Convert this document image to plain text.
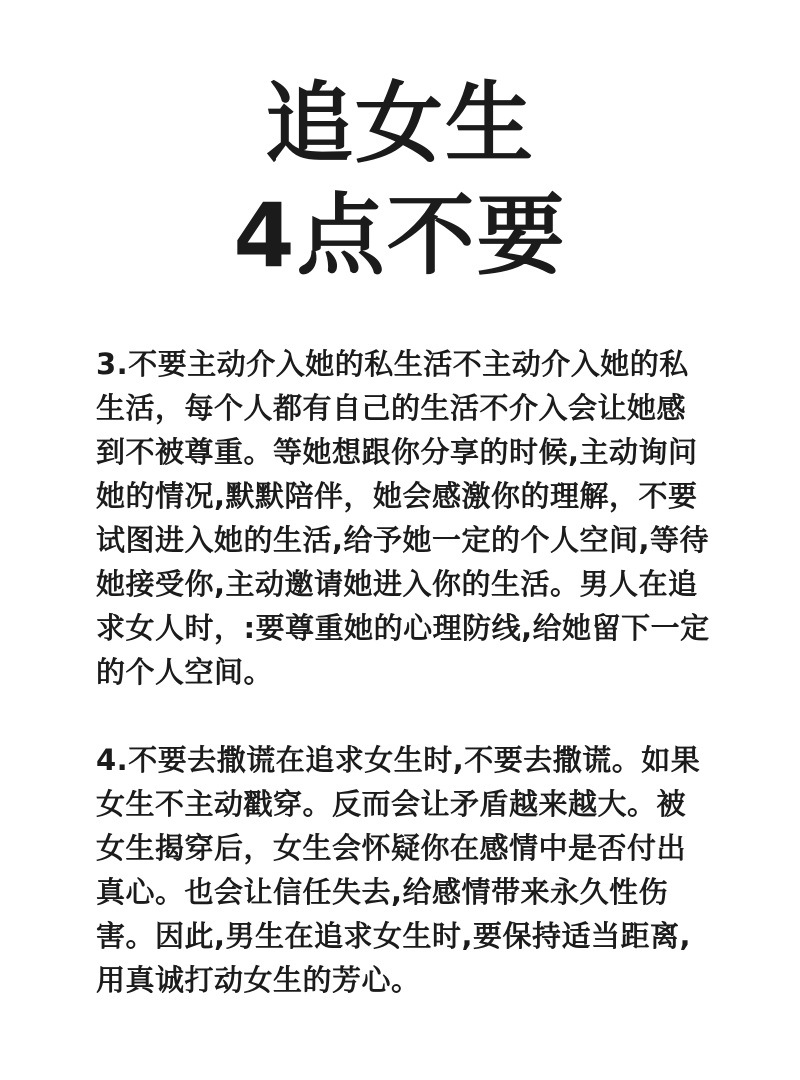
追女生
4点不要
3.不要主动介入她的私生活不主动介入她的私
生活，每个人都有自己的生活不介入会让她感
到不被尊重。等她想跟你分享的时候,主动询问
她的情况,默默陪伴，她会感激你的理解，不要
试图进入她的生活,给予她一定的个人空间,等待
她接受你,主动邀请她进入你的生活。男人在追
求女人时，:要尊重她的心理防线,给她留下一定
的个人空间。
4.不要去撒谎在追求女生时,不要去撒谎。如果
女生不主动戳穿。反而会让矛盾越来越大。被
女生揭穿后，女生会怀疑你在感情中是否付出
真心。也会让信任失去,给感情带来永久性伤
害。因此,男生在追求女生时,要保持适当距离,
用真诚打动女生的芳心。
